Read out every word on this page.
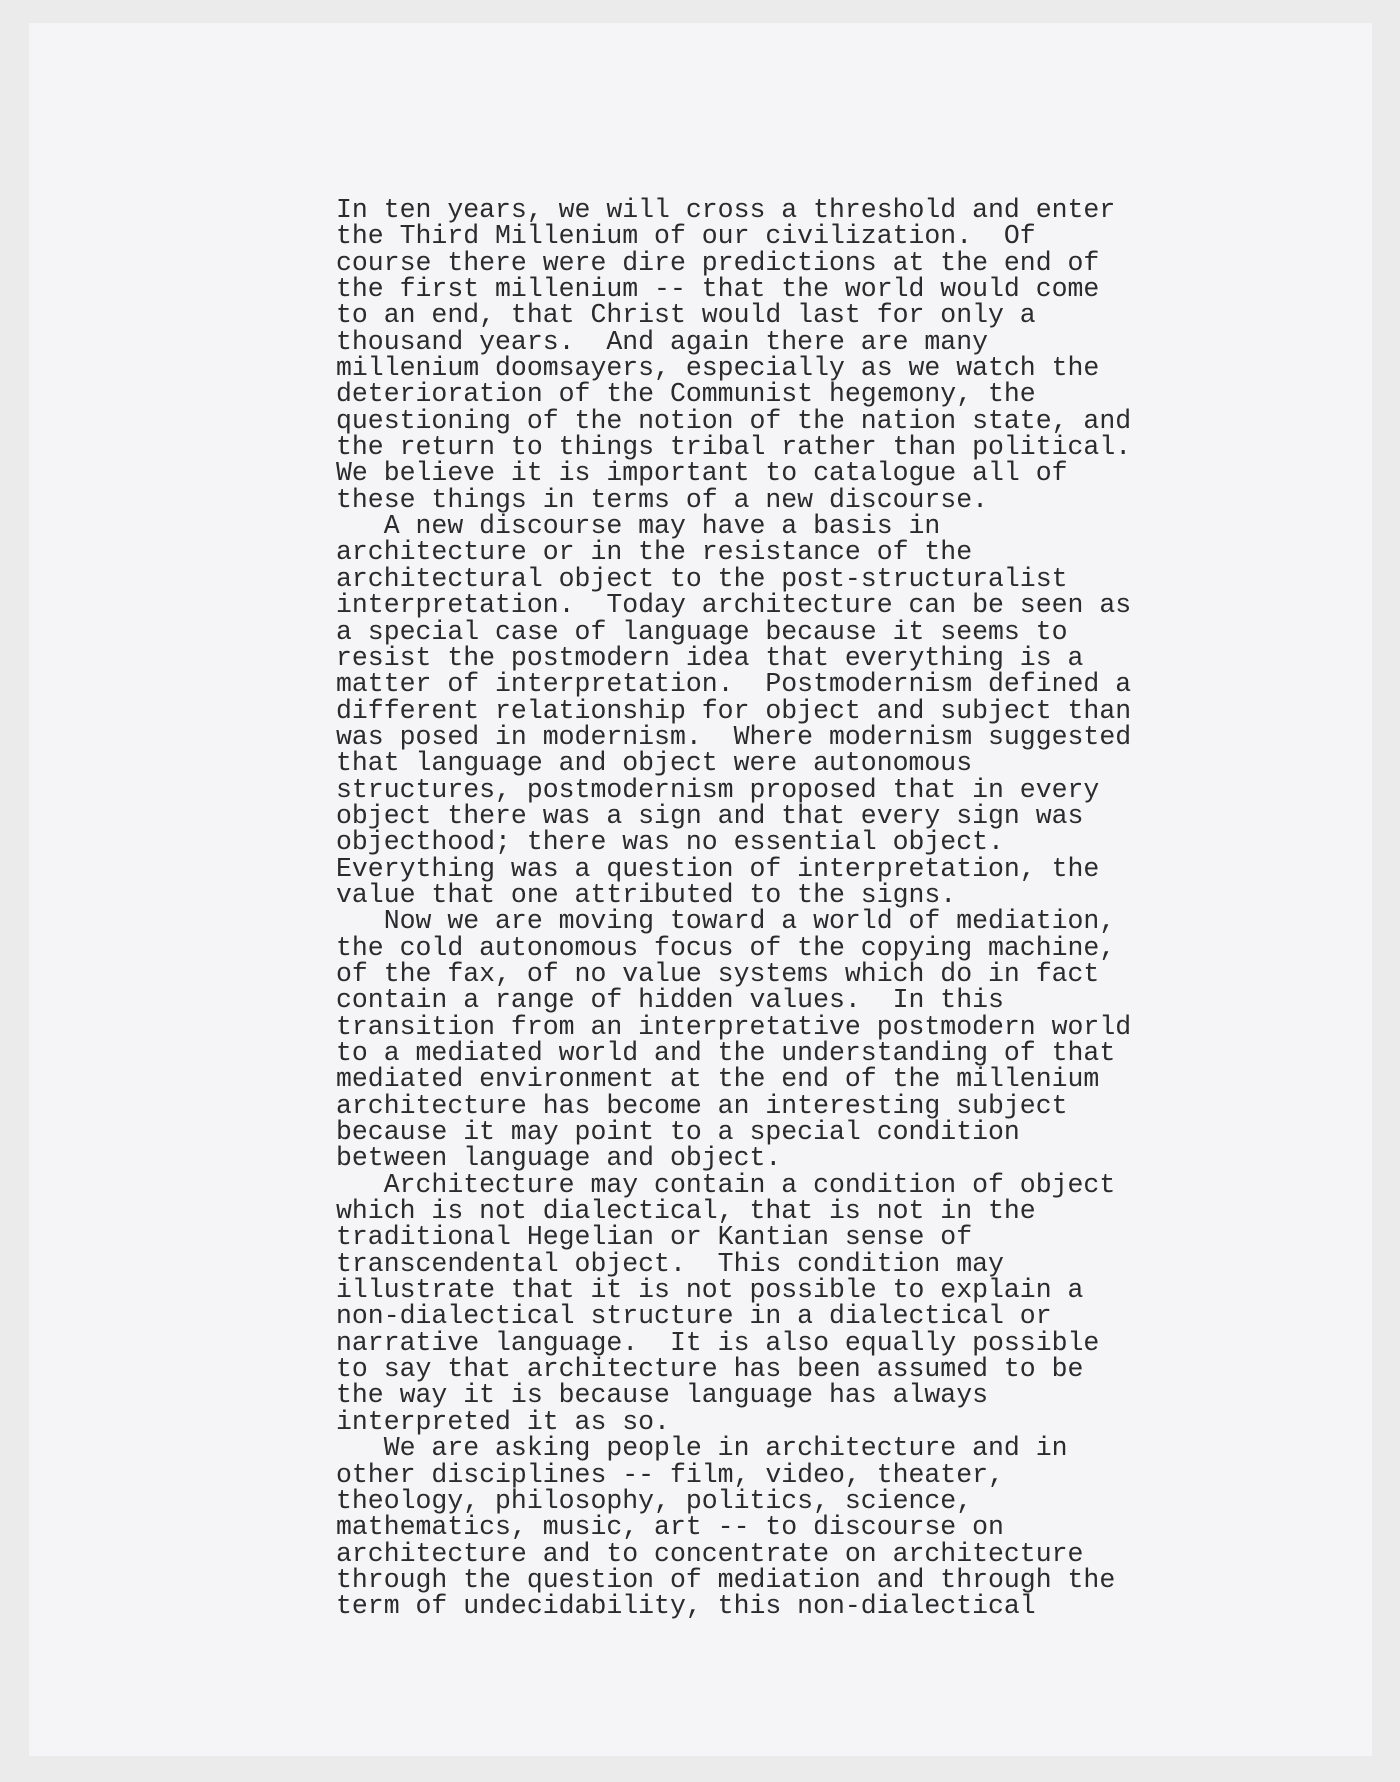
In ten years, we will cross a threshold and enter
the Third Millenium of our civilization.  Of
course there were dire predictions at the end of
the first millenium -- that the world would come
to an end, that Christ would last for only a
thousand years.  And again there are many
millenium doomsayers, especially as we watch the
deterioration of the Communist hegemony, the
questioning of the notion of the nation state, and
the return to things tribal rather than political.
We believe it is important to catalogue all of
these things in terms of a new discourse.
A new discourse may have a basis in
architecture or in the resistance of the
architectural object to the post-structuralist
interpretation.  Today architecture can be seen as
a special case of language because it seems to
resist the postmodern idea that everything is a
matter of interpretation.  Postmodernism defined a
different relationship for object and subject than
was posed in modernism.  Where modernism suggested
that language and object were autonomous
structures, postmodernism proposed that in every
object there was a sign and that every sign was
objecthood; there was no essential object.
Everything was a question of interpretation, the
value that one attributed to the signs.
Now we are moving toward a world of mediation,
the cold autonomous focus of the copying machine,
of the fax, of no value systems which do in fact
contain a range of hidden values.  In this
transition from an interpretative postmodern world
to a mediated world and the understanding of that
mediated environment at the end of the millenium
architecture has become an interesting subject
because it may point to a special condition
between language and object.
Architecture may contain a condition of object
which is not dialectical, that is not in the
traditional Hegelian or Kantian sense of
transcendental object.  This condition may
illustrate that it is not possible to explain a
non-dialectical structure in a dialectical or
narrative language.  It is also equally possible
to say that architecture has been assumed to be
the way it is because language has always
interpreted it as so.
We are asking people in architecture and in
other disciplines -- film, video, theater,
theology, philosophy, politics, science,
mathematics, music, art -- to discourse on
architecture and to concentrate on architecture
through the question of mediation and through the
term of undecidability, this non-dialectical
